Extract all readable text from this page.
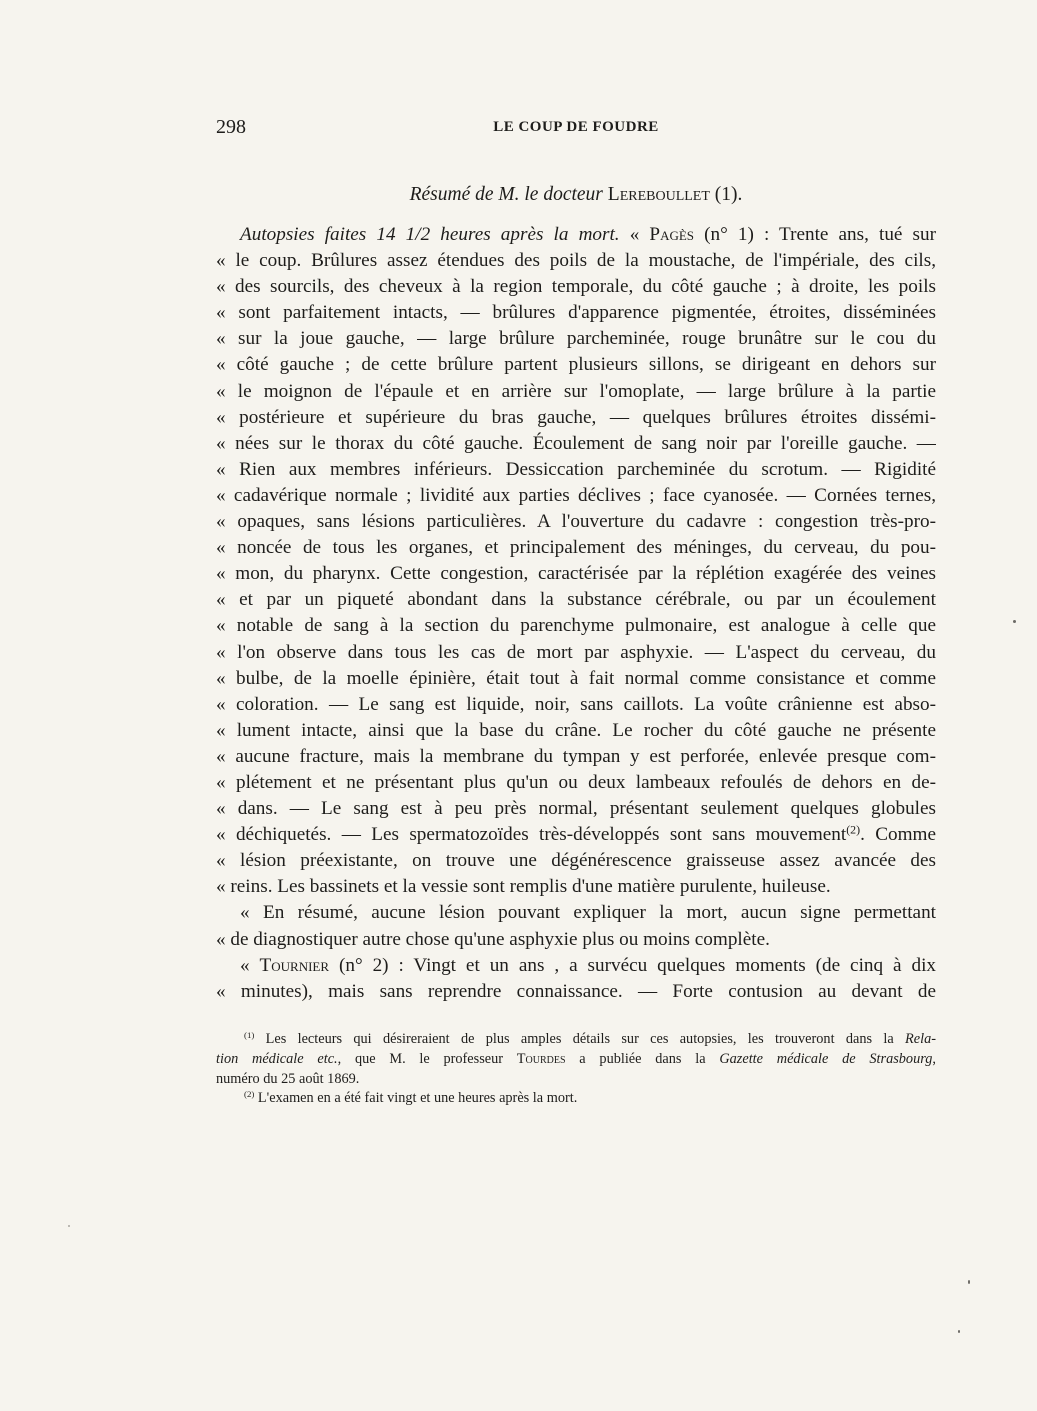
298	LE COUP DE FOUDRE
Résumé de M. le docteur Lereboullet (1).
Autopsies faites 14 1/2 heures après la mort. « Pagès (n° 1) : Trente ans, tué sur
« le coup. Brûlures assez étendues des poils de la moustache, de l'impériale, des cils,
« des sourcils, des cheveux à la region temporale, du côté gauche ; à droite, les poils
« sont parfaitement intacts, — brûlures d'apparence pigmentée, étroites, disséminées
« sur la joue gauche, — large brûlure parcheminée, rouge brunâtre sur le cou du
« côté gauche ; de cette brûlure partent plusieurs sillons, se dirigeant en dehors sur
« le moignon de l'épaule et en arrière sur l'omoplate, — large brûlure à la partie
« postérieure et supérieure du bras gauche, — quelques brûlures étroites dissémi-
« nées sur le thorax du côté gauche. Écoulement de sang noir par l'oreille gauche. —
« Rien aux membres inférieurs. Dessiccation parcheminée du scrotum. — Rigidité
« cadavérique normale ; lividité aux parties déclives ; face cyanosée. — Cornées ternes,
« opaques, sans lésions particulières. A l'ouverture du cadavre : congestion très-pro-
« noncée de tous les organes, et principalement des méninges, du cerveau, du pou-
« mon, du pharynx. Cette congestion, caractérisée par la réplétion exagérée des veines
« et par un piqueté abondant dans la substance cérébrale, ou par un écoulement
« notable de sang à la section du parenchyme pulmonaire, est analogue à celle que
« l'on observe dans tous les cas de mort par asphyxie. — L'aspect du cerveau, du
« bulbe, de la moelle épinière, était tout à fait normal comme consistance et comme
« coloration. — Le sang est liquide, noir, sans caillots. La voûte crânienne est abso-
« lument intacte, ainsi que la base du crâne. Le rocher du côté gauche ne présente
« aucune fracture, mais la membrane du tympan y est perforée, enlevée presque com-
« plétement et ne présentant plus qu'un ou deux lambeaux refoulés de dehors en de-
« dans. — Le sang est à peu près normal, présentant seulement quelques globules
« déchiquetés. — Les spermatozoïdes très-développés sont sans mouvement$^{(2)}$. Comme
« lésion préexistante, on trouve une dégénérescence graisseuse assez avancée des
« reins. Les bassinets et la vessie sont remplis d'une matière purulente, huileuse.
« En résumé, aucune lésion pouvant expliquer la mort, aucun signe permettant
« de diagnostiquer autre chose qu'une asphyxie plus ou moins complète.
« Tournier (n° 2) : Vingt et un ans , a survécu quelques moments (de cinq à dix
« minutes), mais sans reprendre connaissance. — Forte contusion au devant de
$^{(1)}$ Les lecteurs qui désireraient de plus amples détails sur ces autopsies, les trouveront dans la Rela-
tion médicale etc., que M. le professeur Tourdes a publiée dans la Gazette médicale de Strasbourg,
numéro du 25 août 1869.
$^{(2)}$ L'examen en a été fait vingt et une heures après la mort.
